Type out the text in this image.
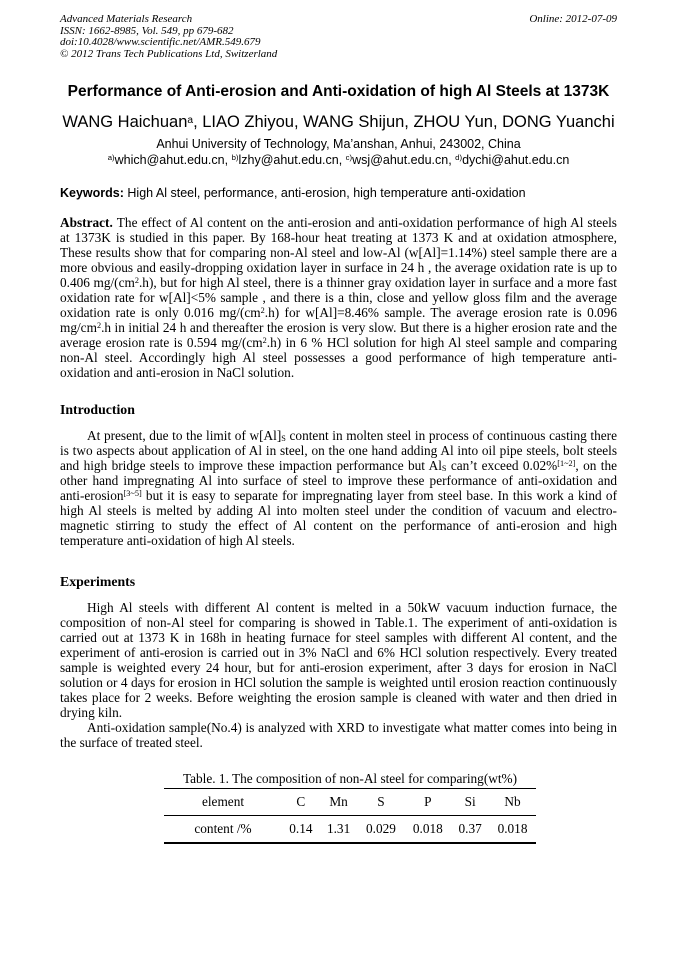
Advanced Materials Research
ISSN: 1662-8985, Vol. 549, pp 679-682
doi:10.4028/www.scientific.net/AMR.549.679
© 2012 Trans Tech Publications Ltd, Switzerland
Online: 2012-07-09
Performance of Anti-erosion and Anti-oxidation of high Al Steels at 1373K
WANG Haichuan$^a$, LIAO Zhiyou, WANG Shijun, ZHOU Yun, DONG Yuanchi
Anhui University of Technology, Ma’anshan, Anhui, 243002, China
$^{a)}$which@ahut.edu.cn, $^{b)}$lzhy@ahut.edu.cn, $^{c)}$wsj@ahut.edu.cn, $^{d)}$dychi@ahut.edu.cn
Keywords: High Al steel, performance, anti-erosion, high temperature anti-oxidation

Abstract. The effect of Al content on the anti-erosion and anti-oxidation performance of high Al steels at 1373K is studied in this paper. By 168-hour heat treating at 1373 K and at oxidation atmosphere, These results show that for comparing non-Al steel and low-Al (w[Al]=1.14%) steel sample there are a more obvious and easily-dropping oxidation layer in surface in 24 h , the average oxidation rate is up to 0.406 $mg/(cm^2.h)$, but for high Al steel, there is a thinner gray oxidation layer in surface and a more fast oxidation rate for w[Al]<5% sample , and there is a thin, close and yellow gloss film and the average oxidation rate is only 0.016 $mg/(cm^2.h)$ for w[Al]=8.46% sample. The average erosion rate is 0.096 $mg/cm^2.h$ in initial 24 h and thereafter the erosion is very slow. But there is a higher erosion rate and the average erosion rate is 0.594 $mg/(cm^2.h)$ in 6 % HCl solution for high Al steel sample and comparing non-Al steel. Accordingly high Al steel possesses a good performance of high temperature anti-oxidation and anti-erosion in NaCl solution.

Introduction

At present, due to the limit of $w[Al]_S$ content in molten steel in process of continuous casting there is two aspects about application of Al in steel, on the one hand adding Al into oil pipe steels, bolt steels and high bridge steels to improve these impaction performance but $Al_S$ can’t exceed 0.02%[1~2], on the other hand impregnating Al into surface of steel to improve these performance of anti-oxidation and anti-erosion[3~5] but it is easy to separate for impregnating layer from steel base. In this work a kind of high Al steels is melted by adding Al into molten steel under the condition of vacuum and electro-magnetic stirring to study the effect of Al content on the performance of anti-erosion and high temperature anti-oxidation of high Al steels.

Experiments

High Al steels with different Al content is melted in a 50kW vacuum induction furnace, the composition of non-Al steel for comparing is showed in Table.1. The experiment of anti-oxidation is carried out at 1373 K in 168h in heating furnace for steel samples with different Al content, and the experiment of anti-erosion is carried out in 3% NaCl and 6% HCl solution respectively. Every treated sample is weighted every 24 hour, but for anti-erosion experiment, after 3 days for erosion in NaCl solution or 4 days for erosion in HCl solution the sample is weighted until erosion reaction continuously takes place for 2 weeks. Before weighting the erosion sample is cleaned with water and then dried in drying kiln.

Anti-oxidation sample(No.4) is analyzed with XRD to investigate what matter comes into being in the surface of treated steel.

Table. 1. The composition of non-Al steel for comparing(wt%)
element	C	Mn	S	P	Si	Nb
content /%	0.14	1.31	0.029	0.018	0.37	0.018
